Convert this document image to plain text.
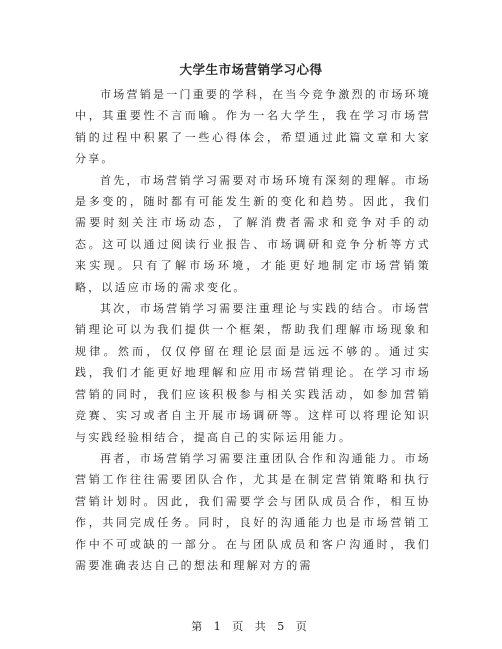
大学生市场营销学习心得

市场营销是一门重要的学科，在当今竞争激烈的市场环境中，其重要性不言而喻。作为一名大学生，我在学习市场营销的过程中积累了一些心得体会，希望通过此篇文章和大家分享。

首先，市场营销学习需要对市场环境有深刻的理解。市场是多变的，随时都有可能发生新的变化和趋势。因此，我们需要时刻关注市场动态，了解消费者需求和竞争对手的动态。这可以通过阅读行业报告、市场调研和竞争分析等方式来实现。只有了解市场环境，才能更好地制定市场营销策略，以适应市场的需求变化。

其次，市场营销学习需要注重理论与实践的结合。市场营销理论可以为我们提供一个框架，帮助我们理解市场现象和规律。然而，仅仅停留在理论层面是远远不够的。通过实践，我们才能更好地理解和应用市场营销理论。在学习市场营销的同时，我们应该积极参与相关实践活动，如参加营销竞赛、实习或者自主开展市场调研等。这样可以将理论知识与实践经验相结合，提高自己的实际运用能力。

再者，市场营销学习需要注重团队合作和沟通能力。市场营销工作往往需要团队合作，尤其是在制定营销策略和执行营销计划时。因此，我们需要学会与团队成员合作，相互协作，共同完成任务。同时，良好的沟通能力也是市场营销工作中不可或缺的一部分。在与团队成员和客户沟通时，我们需要准确表达自己的想法和理解对方的需

第 1 页 共 5 页
